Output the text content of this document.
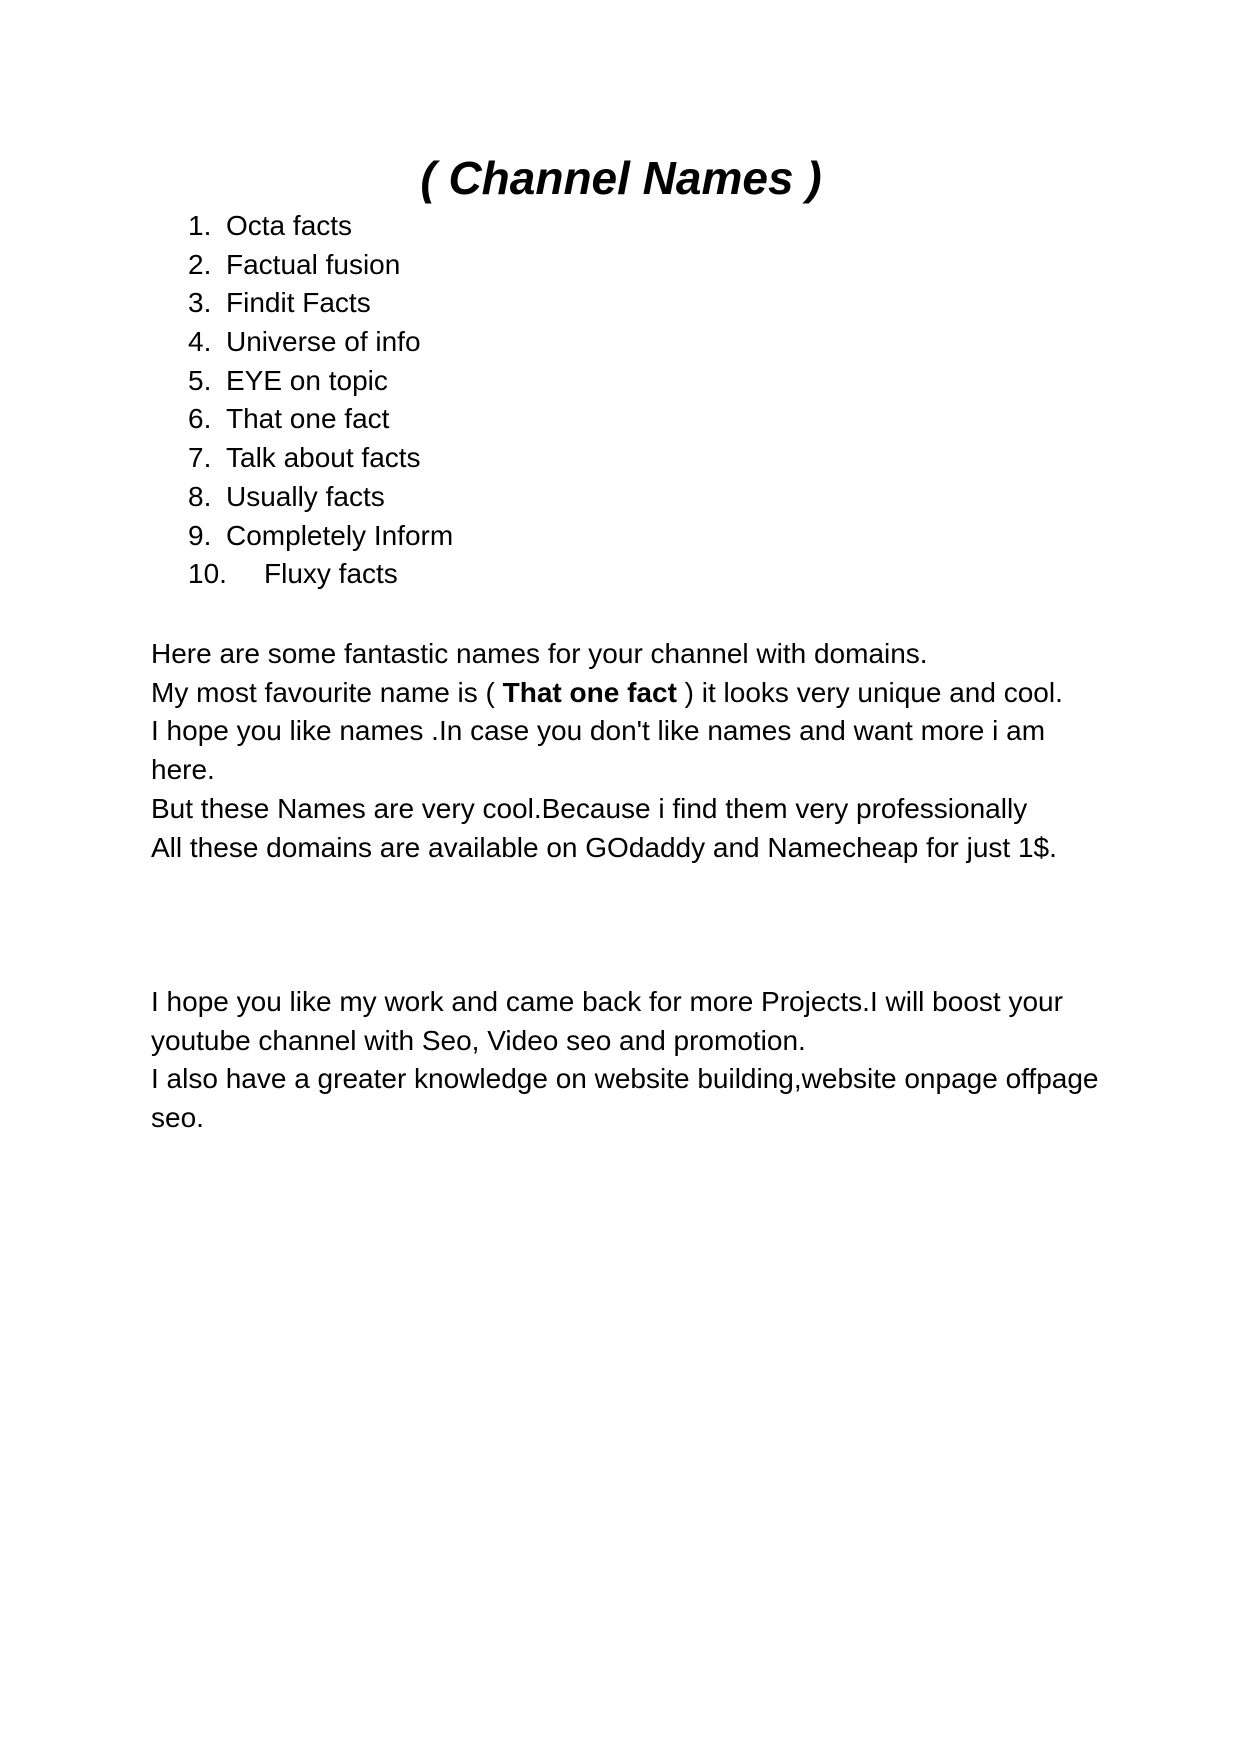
( Channel Names )
1. Octa facts
2. Factual fusion
3. Findit Facts
4. Universe of info
5. EYE on topic
6. That one fact
7. Talk about facts
8. Usually facts
9. Completely Inform
10. Fluxy facts

Here are some fantastic names for your channel with domains.

My most favourite name is ( That one fact ) it looks very unique and cool.

I hope you like names .In case you don't like names and want more i am here.

But these Names are very cool.Because i find them very professionally

All these domains are available on GOdaddy and Namecheap for just 1$.

I hope you like my work and came back for more Projects.I will boost your youtube channel with Seo, Video seo and promotion.

I also have a greater knowledge on website building,website onpage offpage seo.
